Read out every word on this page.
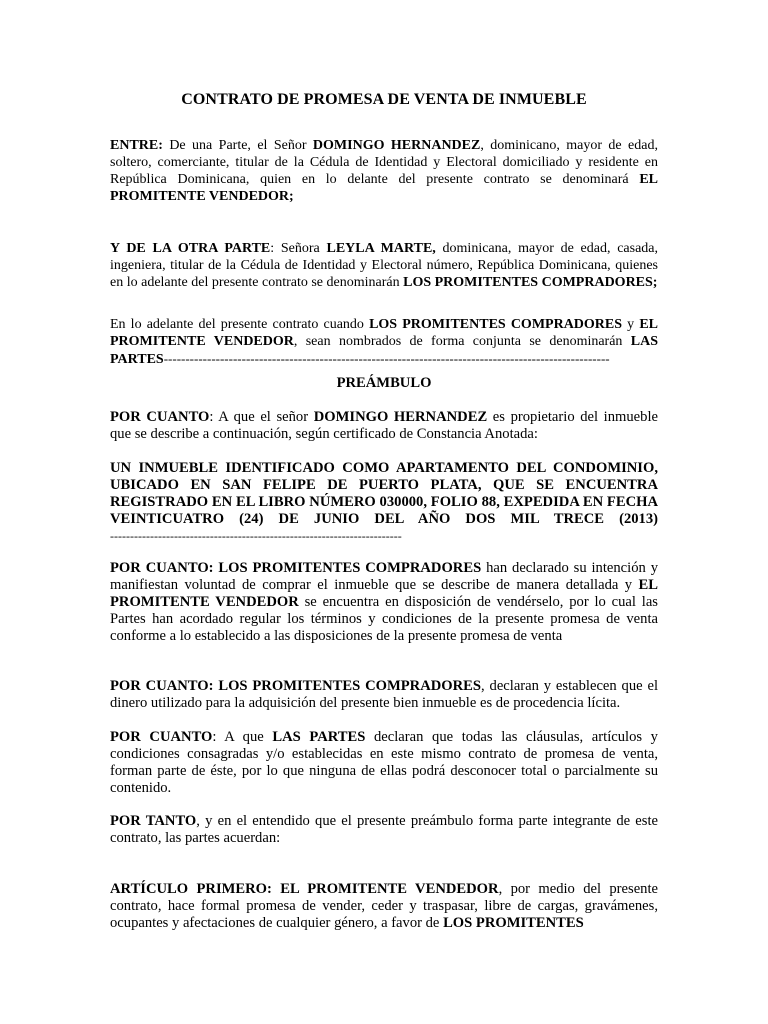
CONTRATO DE PROMESA DE VENTA DE INMUEBLE
ENTRE: De una Parte, el Señor DOMINGO HERNANDEZ, dominicano, mayor de edad, soltero, comerciante, titular de la Cédula de Identidad y Electoral domiciliado y residente en República Dominicana, quien en lo delante del presente contrato se denominará EL PROMITENTE VENDEDOR;
Y DE LA OTRA PARTE: Señora LEYLA MARTE, dominicana, mayor de edad, casada, ingeniera, titular de la Cédula de Identidad y Electoral número, República Dominicana, quienes en lo adelante del presente contrato se denominarán LOS PROMITENTES COMPRADORES;
En lo adelante del presente contrato cuando LOS PROMITENTES COMPRADORES y EL PROMITENTE VENDEDOR, sean nombrados de forma conjunta se denominarán LAS PARTES-------------------------------------------------------------------------------------------------------
PREÁMBULO
POR CUANTO: A que el señor DOMINGO HERNANDEZ es propietario del inmueble que se describe a continuación, según certificado de Constancia Anotada:
UN INMUEBLE IDENTIFICADO COMO APARTAMENTO DEL CONDOMINIO, UBICADO EN SAN FELIPE DE PUERTO PLATA, QUE SE ENCUENTRA REGISTRADO EN EL LIBRO NÚMERO 030000, FOLIO 88, EXPEDIDA EN FECHA VEINTICUATRO (24) DE JUNIO DEL AÑO DOS MIL TRECE (2013) -------------------------------------------------------------------------
POR CUANTO: LOS PROMITENTES COMPRADORES han declarado su intención y manifiestan voluntad de comprar el inmueble que se describe de manera detallada y EL PROMITENTE VENDEDOR se encuentra en disposición de vendérselo, por lo cual las Partes han acordado regular los términos y condiciones de la presente promesa de venta conforme a lo establecido a las disposiciones de la presente promesa de venta
POR CUANTO: LOS PROMITENTES COMPRADORES, declaran y establecen que el dinero utilizado para la adquisición del presente bien inmueble es de procedencia lícita.
POR CUANTO: A que LAS PARTES declaran que todas las cláusulas, artículos y condiciones consagradas y/o establecidas en este mismo contrato de promesa de venta, forman parte de éste, por lo que ninguna de ellas podrá desconocer total o parcialmente su contenido.
POR TANTO, y en el entendido que el presente preámbulo forma parte integrante de este contrato, las partes acuerdan:
ARTÍCULO PRIMERO: EL PROMITENTE VENDEDOR, por medio del presente contrato, hace formal promesa de vender, ceder y traspasar, libre de cargas, gravámenes, ocupantes y afectaciones de cualquier género, a favor de LOS PROMITENTES
